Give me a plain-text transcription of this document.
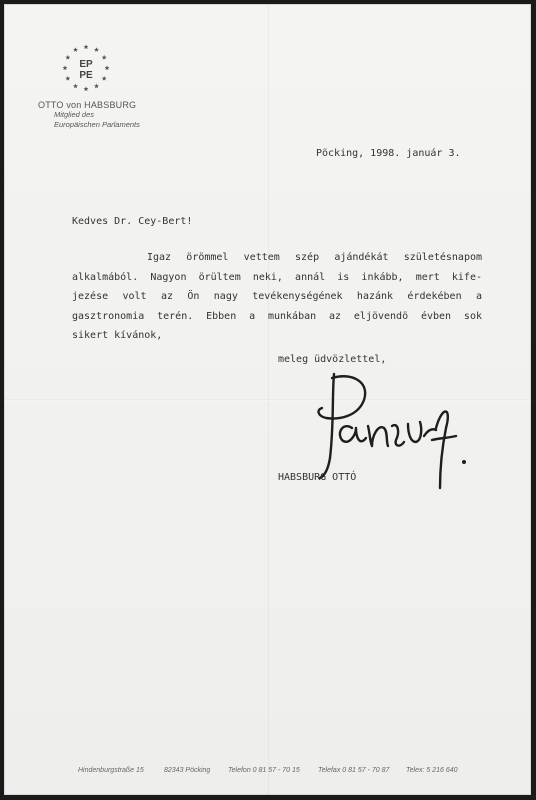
EP
PE
OTTO von HABSBURG
Mitglied des
Europäischen Parlaments
Pöcking, 1998. január 3.
Kedves Dr. Cey-Bert!
Igaz örömmel vettem szép ajándékát születésnapom
alkalmából. Nagyon örültem neki, annál is inkább, mert kife-
jezése volt az Ön nagy tevékenységének hazánk érdekében a
gasztronomia terén. Ebben a munkában az eljövendö évben sok
sikert kívánok,
meleg üdvözlettel,
HABSBURG OTTÓ
Hindenburgstraße 15	82343 Pöcking	Telefon 0 81 57 - 70 15	Telefax 0 81 57 - 70 87 Telex: 5 216 640
